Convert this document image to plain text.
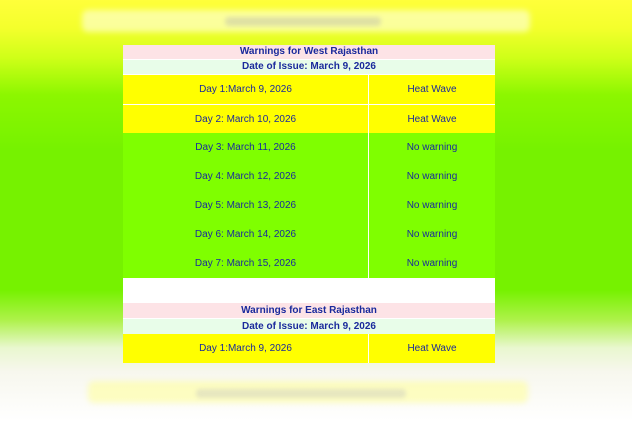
Warnings for West Rajasthan
Date of Issue: March 9, 2026
Day 1:March 9, 2026	Heat Wave
Day 2: March 10, 2026	Heat Wave
Day 3: March 11, 2026	No warning
Day 4: March 12, 2026	No warning
Day 5: March 13, 2026	No warning
Day 6: March 14, 2026	No warning
Day 7: March 15, 2026	No warning
Warnings for East Rajasthan
Date of Issue: March 9, 2026
Day 1:March 9, 2026	Heat Wave
